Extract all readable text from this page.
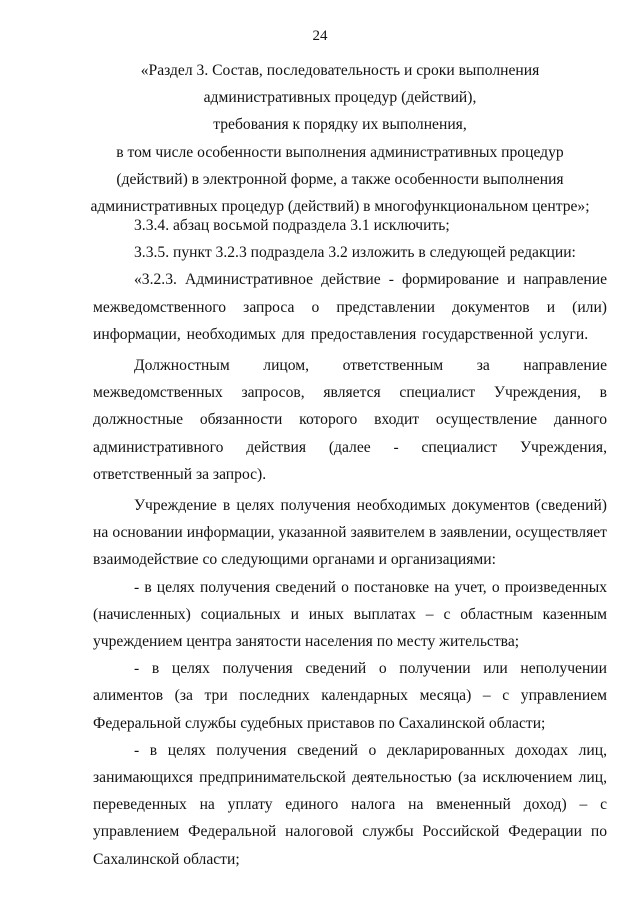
24
«Раздел 3. Состав, последовательность и сроки выполнения
административных процедур (действий),
требования к порядку их выполнения,
в том числе особенности выполнения административных процедур
(действий) в электронной форме, а также особенности выполнения
административных процедур (действий) в многофункциональном центре»;

3.3.4. абзац восьмой подраздела 3.1 исключить;

3.3.5. пункт 3.2.3 подраздела 3.2 изложить в следующей редакции:

«3.2.3. Административное действие - формирование и направление межведомственного запроса о представлении документов и (или) информации, необходимых для предоставления государственной услуги.

Должностным лицом, ответственным за направление межведомственных запросов, является специалист Учреждения, в должностные обязанности которого входит осуществление данного административного действия (далее - специалист Учреждения, ответственный за запрос).

Учреждение в целях получения необходимых документов (сведений) на основании информации, указанной заявителем в заявлении, осуществляет взаимодействие со следующими органами и организациями:

- в целях получения сведений о постановке на учет, о произведенных (начисленных) социальных и иных выплатах – с областным казенным учреждением центра занятости населения по месту жительства;

- в целях получения сведений о получении или неполучении алиментов (за три последних календарных месяца) – с управлением Федеральной службы судебных приставов по Сахалинской области;

- в целях получения сведений о декларированных доходах лиц, занимающихся предпринимательской деятельностью (за исключением лиц, переведенных на уплату единого налога на вмененный доход) – с управлением Федеральной налоговой службы Российской Федерации по Сахалинской области;
